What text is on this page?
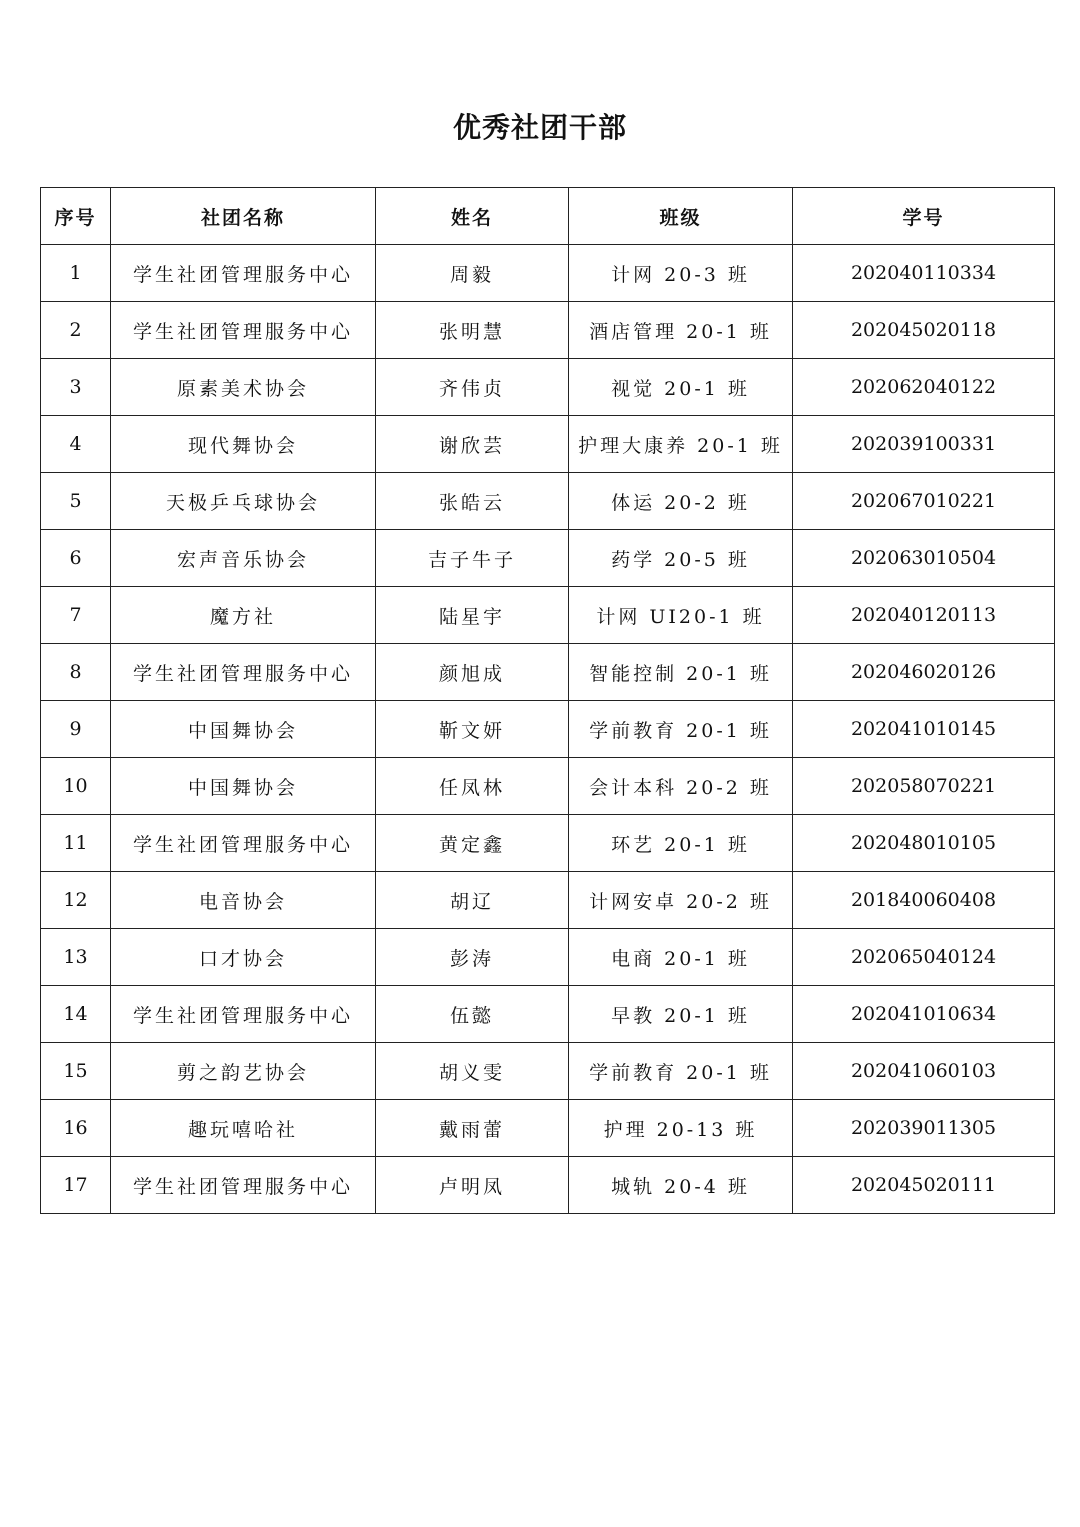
优秀社团干部
序号	社团名称	姓名	班级	学号
1	学生社团管理服务中心	周毅	计网 20-3 班	202040110334
2	学生社团管理服务中心	张明慧	酒店管理 20-1 班	202045020118
3	原素美术协会	齐伟贞	视觉 20-1 班	202062040122
4	现代舞协会	谢欣芸	护理大康养 20-1 班	202039100331
5	天极乒乓球协会	张皓云	体运 20-2 班	202067010221
6	宏声音乐协会	吉子牛子	药学 20-5 班	202063010504
7	魔方社	陆星宇	计网 UI20-1 班	202040120113
8	学生社团管理服务中心	颜旭成	智能控制 20-1 班	202046020126
9	中国舞协会	靳文妍	学前教育 20-1 班	202041010145
10	中国舞协会	任凤林	会计本科 20-2 班	202058070221
11	学生社团管理服务中心	黄定鑫	环艺 20-1 班	202048010105
12	电音协会	胡辽	计网安卓 20-2 班	201840060408
13	口才协会	彭涛	电商 20-1 班	202065040124
14	学生社团管理服务中心	伍懿	早教 20-1 班	202041010634
15	剪之韵艺协会	胡义雯	学前教育 20-1 班	202041060103
16	趣玩嘻哈社	戴雨蕾	护理 20-13 班	202039011305
17	学生社团管理服务中心	卢明凤	城轨 20-4 班	202045020111
